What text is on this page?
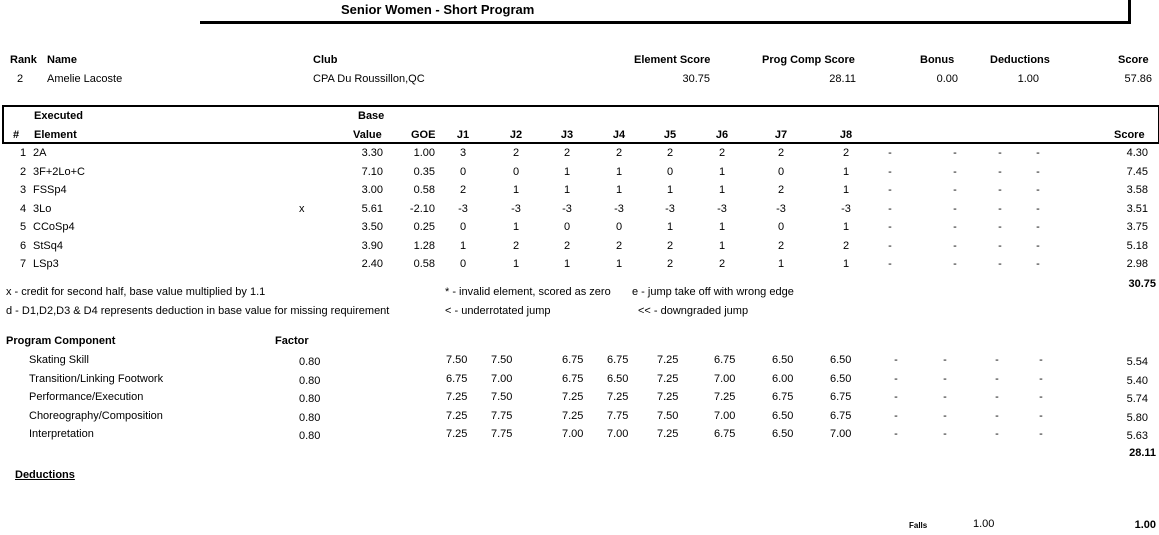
Senior Women - Short Program
Rank Name	Club	Element Score	Prog Comp Score	Bonus	Deductions	Score
2 Amelie Lacoste	CPA Du Roussillon,QC	30.75	28.11	0.00	1.00	57.86
Executed
# Element
Base
Value	GOE	J1	J2	J3	J4	J5	J6	J7	J8	Score
1 2A	3.30	1.00	3	2	2	2	2	2	2	2	-	-	-	-	4.30
2 3F+2Lo+C	7.10	0.35	0	0	1	1	0	1	0	1	-	-	-	-	7.45
3 FSSp4	3.00	0.58	2	1	1	1	1	1	2	1	-	-	-	-	3.58
4 3Lo	x	5.61	-2.10	-3	-3	-3	-3	-3	-3	-3	-3	-	-	-	-	3.51
5 CCoSp4	3.50	0.25	0	1	0	0	1	1	0	1	-	-	-	-	3.75
6 StSq4	3.90	1.28	1	2	2	2	2	1	2	2	-	-	-	-	5.18
7 LSp3	2.40	0.58	0	1	1	1	2	2	1	1	-	-	-	-	2.98
30.75
x - credit for second half, base value multiplied by 1.1
d - D1,D2,D3 & D4 represents deduction in base value for missing requirement
* - invalid element, scored as zero e - jump take off with wrong edge
< - underrotated jump	<< - downgraded jump
Program Component	Factor
Skating Skill	0.80	7.50 7.50	6.75 6.75	7.25	6.75	6.50	6.50	-	-	-	-	5.54
Transition/Linking Footwork	0.80	6.75 7.00	6.75 6.50	7.25	7.00	6.00	6.50	-	-	-	-	5.40
Performance/Execution	0.80	7.25 7.50	7.25 7.25	7.25	7.25	6.75	6.75	-	-	-	-	5.74
Choreography/Composition	0.80	7.25 7.75	7.25 7.75	7.50	7.00	6.50	6.75	-	-	-	-	5.80
Interpretation	0.80	7.25 7.75	7.00 7.00	7.25	6.75	6.50	7.00	-	-	-	-	5.63
28.11
Deductions
Falls	1.00	1.00
